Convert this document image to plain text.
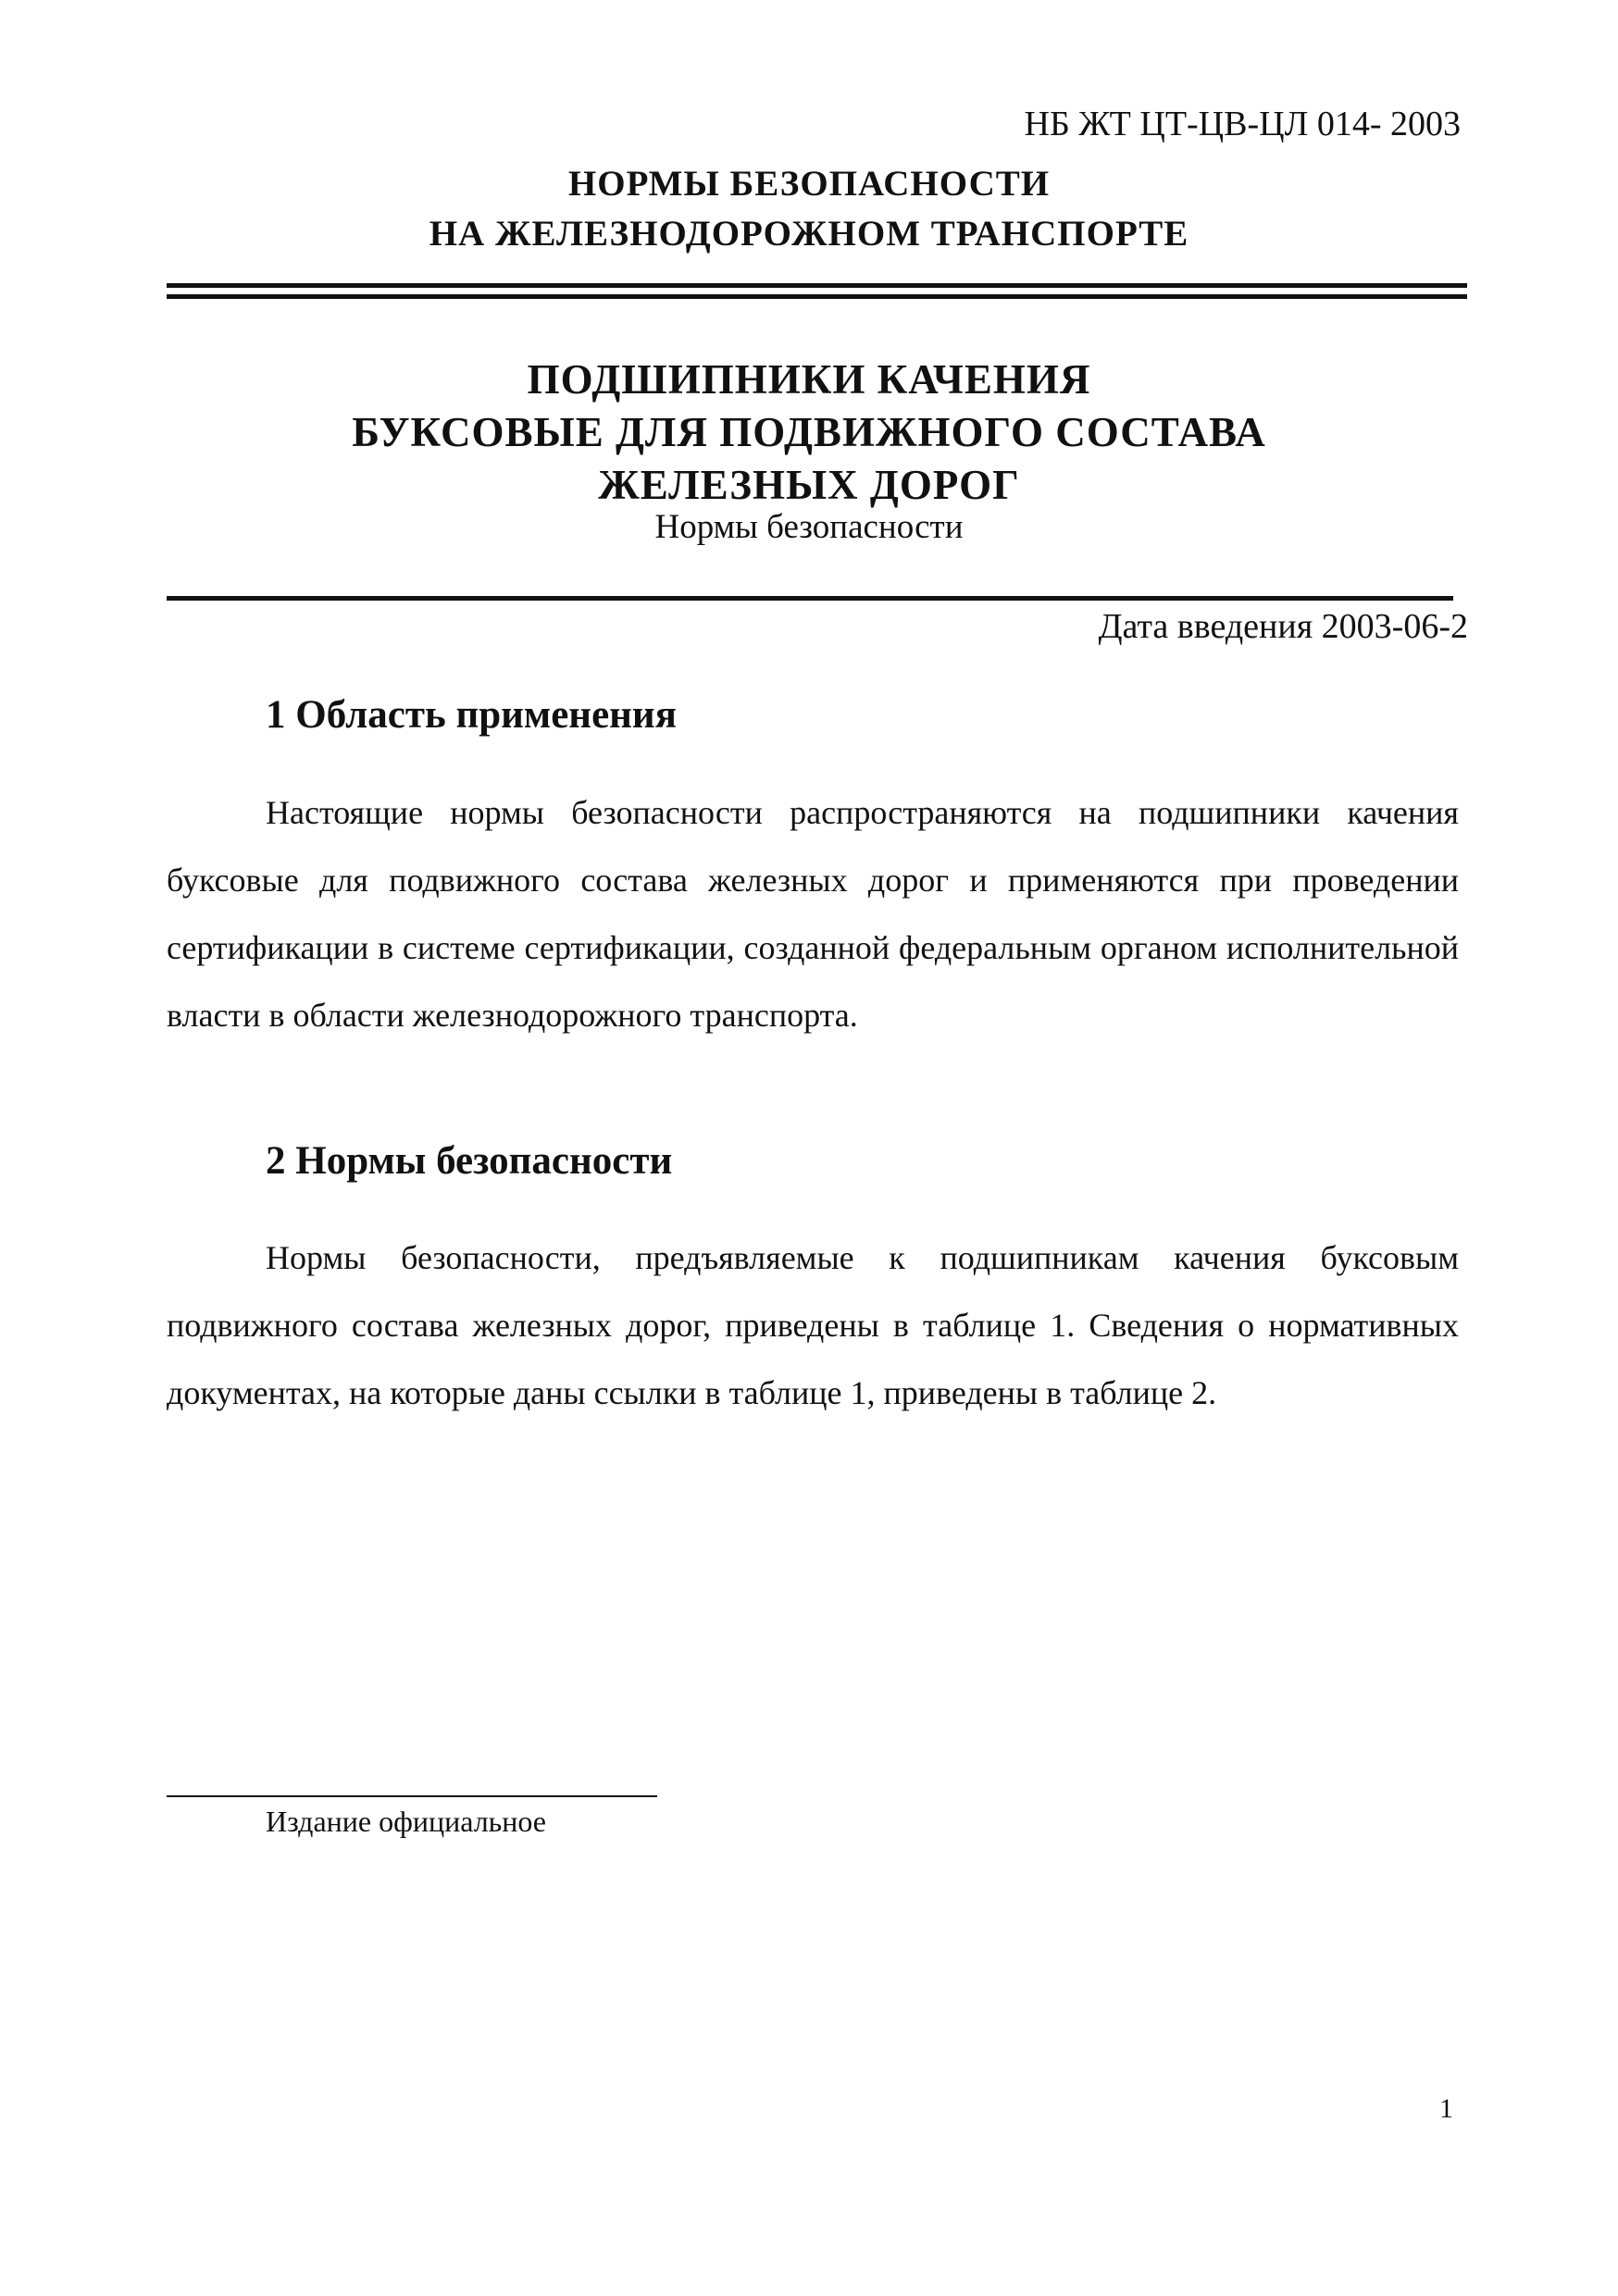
НБ ЖТ ЦТ-ЦВ-ЦЛ 014- 2003
НОРМЫ БЕЗОПАСНОСТИ
НА ЖЕЛЕЗНОДОРОЖНОМ ТРАНСПОРТЕ
ПОДШИПНИКИ КАЧЕНИЯ
БУКСОВЫЕ ДЛЯ ПОДВИЖНОГО СОСТАВА
ЖЕЛЕЗНЫХ ДОРОГ
Нормы безопасности
Дата введения 2003-06-2
1 Область применения
Настоящие нормы безопасности распространяются на подшипники качения буксовые для подвижного состава железных дорог и применяются при проведении сертификации в системе сертификации, созданной федеральным органом исполнительной власти в области железнодорожного транспорта.
2 Нормы безопасности
Нормы безопасности, предъявляемые к подшипникам качения буксовым подвижного состава железных дорог, приведены в таблице 1. Сведения о нормативных документах, на которые даны ссылки в таблице 1, приведены в таблице 2.
Издание официальное
1
